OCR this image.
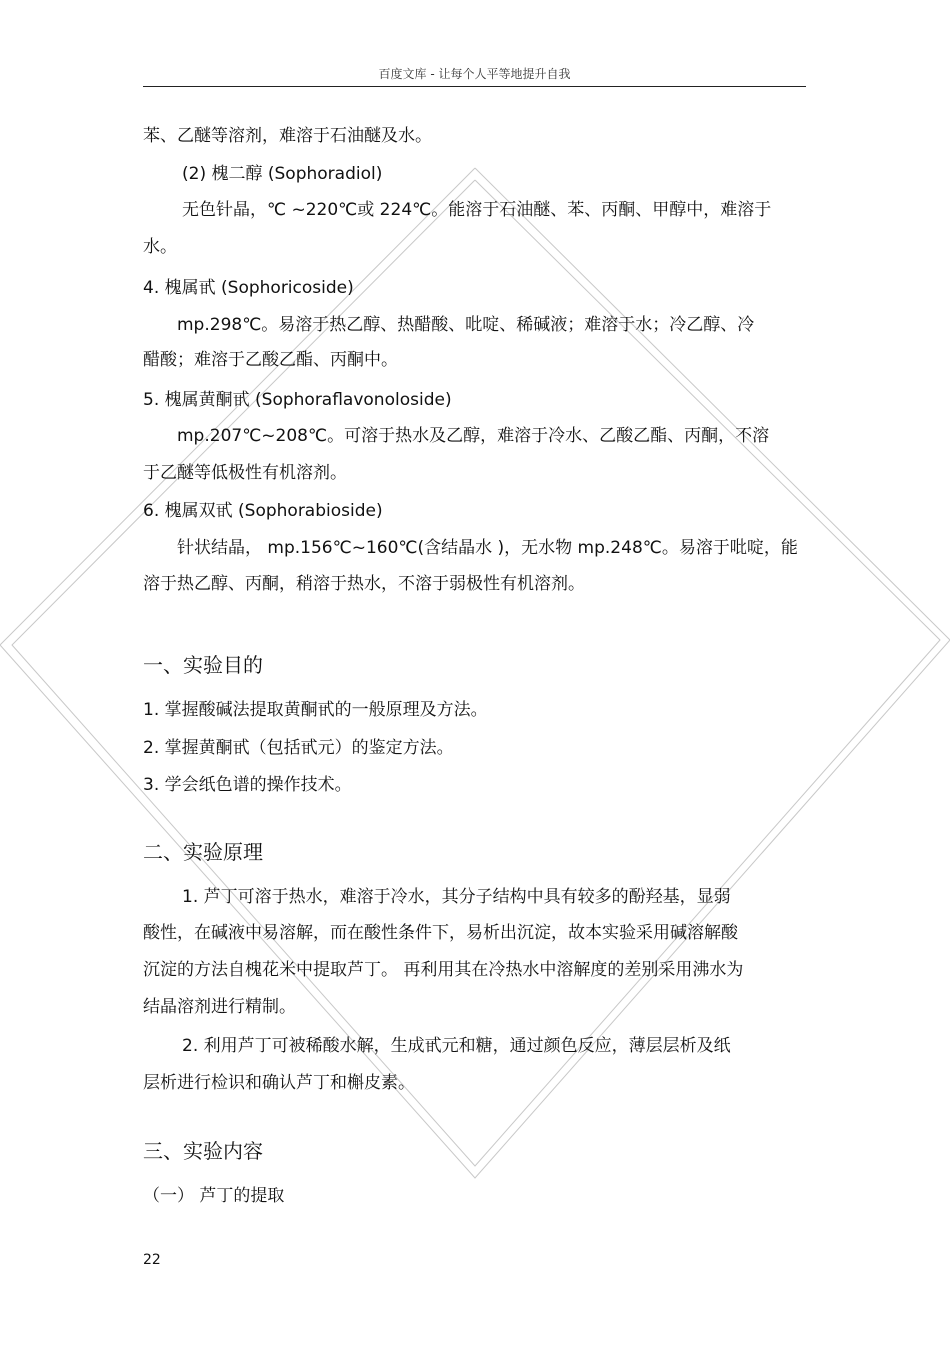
百度文库 - 让每个人平等地提升自我
苯、乙醚等溶剂，难溶于石油醚及水。
(2) 槐二醇 (Sophoradiol)
无色针晶，℃ ~220℃或 224℃。能溶于石油醚、苯、丙酮、甲醇中，难溶于
水。
4. 槐属甙 (Sophoricoside)
mp.298℃。易溶于热乙醇、热醋酸、吡啶、稀碱液；难溶于水；冷乙醇、冷
醋酸；难溶于乙酸乙酯、丙酮中。
5. 槐属黄酮甙 (Sophoraflavonoloside)
mp.207℃~208℃。可溶于热水及乙醇，难溶于冷水、乙酸乙酯、丙酮，不溶
于乙醚等低极性有机溶剂。
6. 槐属双甙 (Sophorabioside)
针状结晶， mp.156℃~160℃(含结晶水 )，无水物 mp.248℃。易溶于吡啶，能
溶于热乙醇、丙酮，稍溶于热水，不溶于弱极性有机溶剂。
一、实验目的
1. 掌握酸碱法提取黄酮甙的一般原理及方法。
2. 掌握黄酮甙（包括甙元）的鉴定方法。
3. 学会纸色谱的操作技术。
二、实验原理
1. 芦丁可溶于热水，难溶于冷水，其分子结构中具有较多的酚羟基，显弱
酸性，在碱液中易溶解，而在酸性条件下，易析出沉淀，故本实验采用碱溶解酸
沉淀的方法自槐花米中提取芦丁。 再利用其在冷热水中溶解度的差别采用沸水为
结晶溶剂进行精制。
2. 利用芦丁可被稀酸水解，生成甙元和糖，通过颜色反应，薄层层析及纸
层析进行检识和确认芦丁和槲皮素。
三、实验内容
（一） 芦丁的提取
22
